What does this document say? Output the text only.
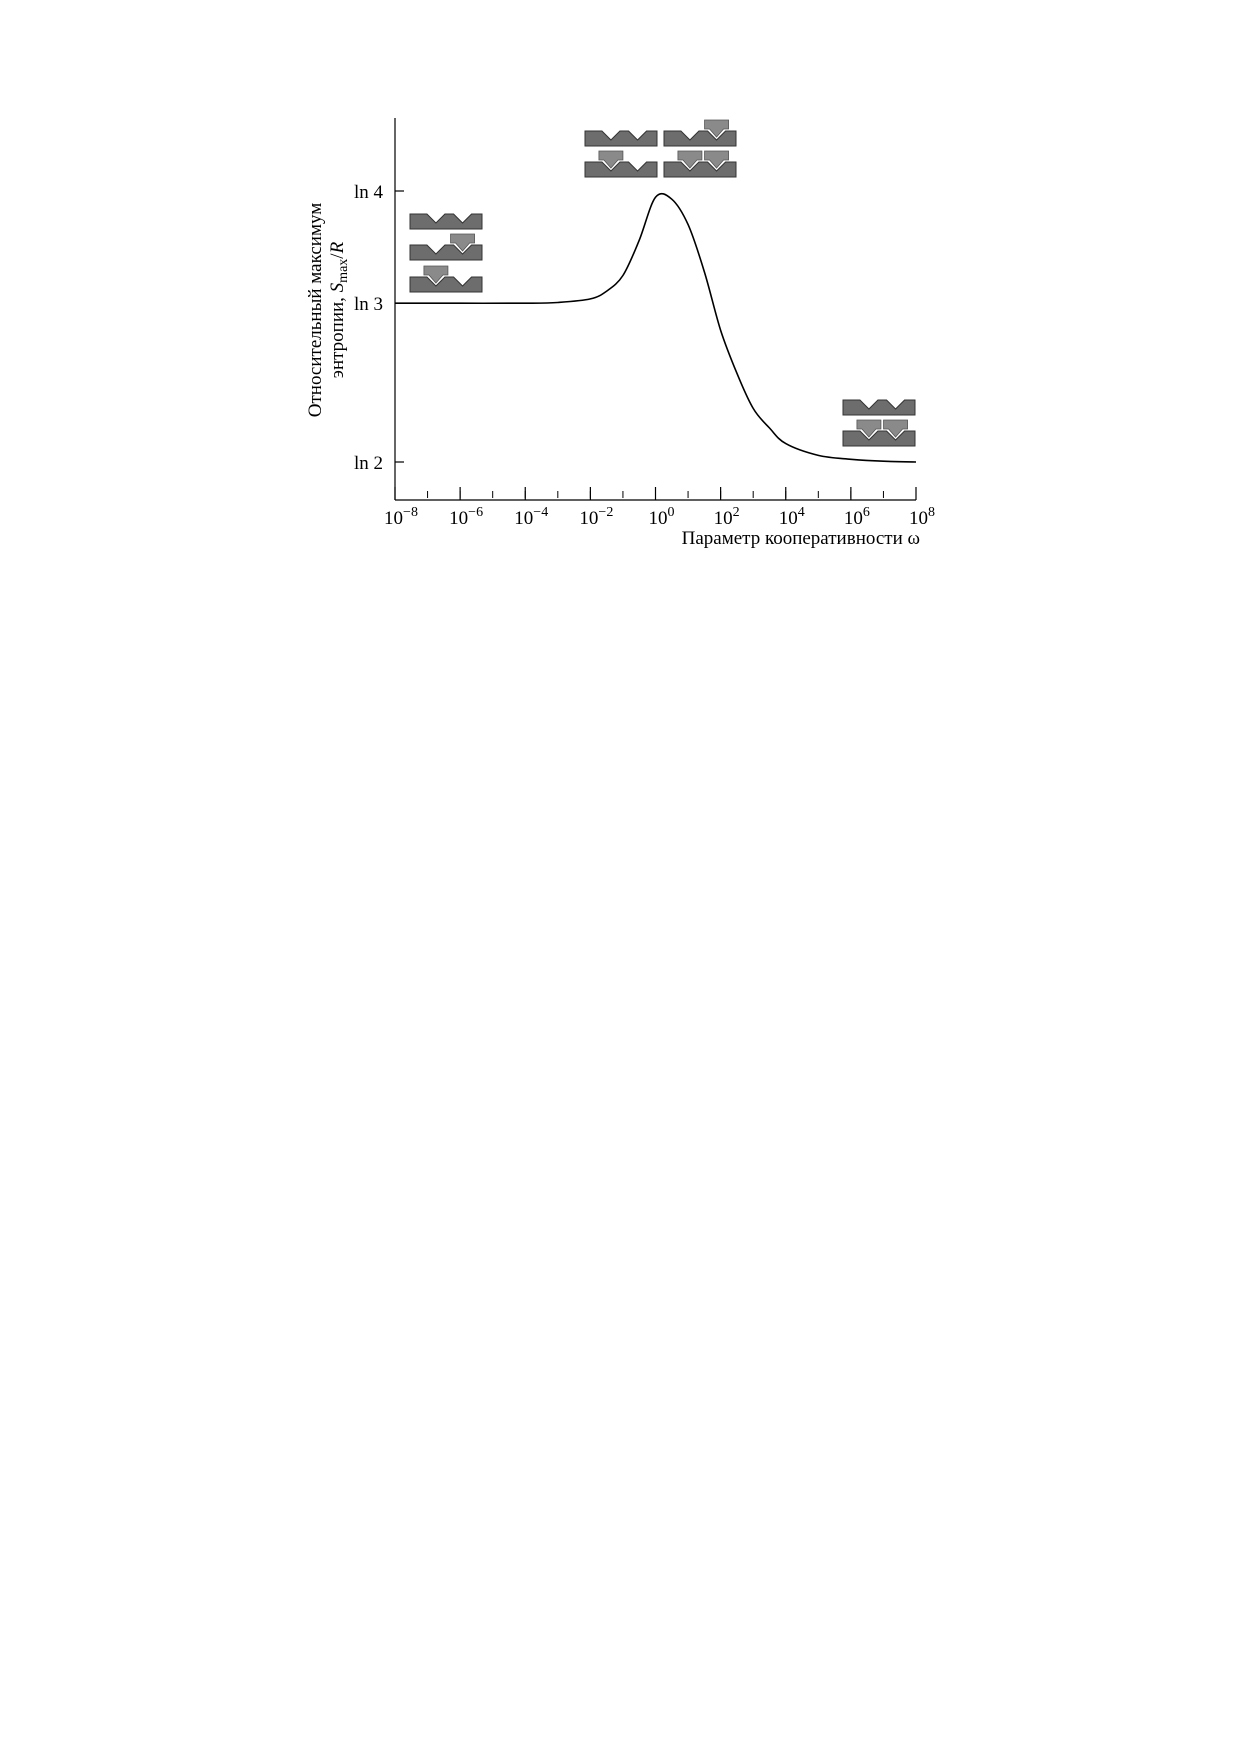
ln 2
ln 3
ln 4
$10^{-8}$ $10^{-6}$ $10^{-4}$ $10^{-2}$ $10^0$ $10^2$ $10^4$ $10^6$ $10^8$
Относительный максимум энтропии, $S_{max}/R$
Параметр кооперативности ω
